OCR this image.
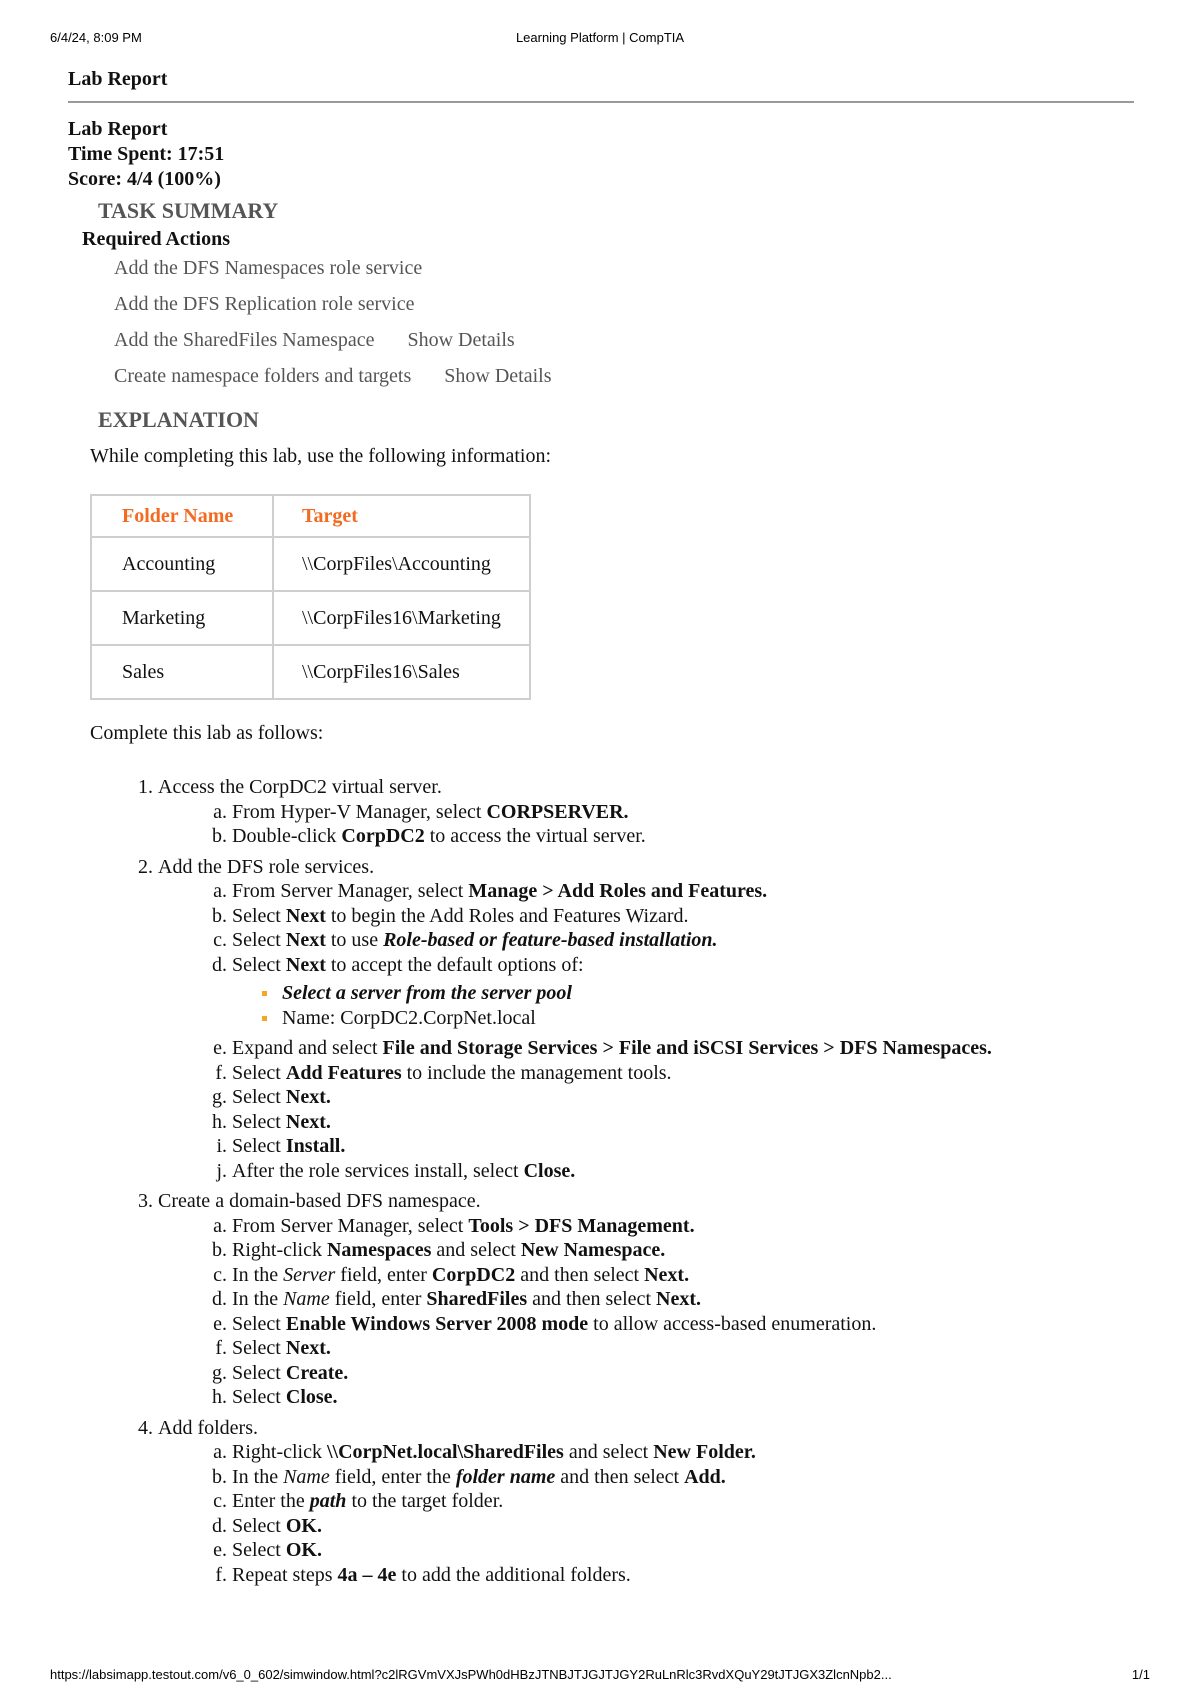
6/4/24, 8:09 PM	Learning Platform | CompTIA
Lab Report
Lab Report
Time Spent: 17:51
Score: 4/4 (100%)
TASK SUMMARY
Required Actions
Add the DFS Namespaces role service
Add the DFS Replication role service
Add the SharedFiles Namespace Show Details
Create namespace folders and targets Show Details
EXPLANATION
While completing this lab, use the following information:
Folder Name	Target
Accounting	\\CorpFiles\Accounting
Marketing	\\CorpFiles16\Marketing
Sales	\\CorpFiles16\Sales
Complete this lab as follows:
1. Access the CorpDC2 virtual server.
a. From Hyper-V Manager, select CORPSERVER.
b. Double-click CorpDC2 to access the virtual server.
2. Add the DFS role services.
a. From Server Manager, select Manage > Add Roles and Features.
b. Select Next to begin the Add Roles and Features Wizard.
c. Select Next to use Role-based or feature-based installation.
d. Select Next to accept the default options of:
Select a server from the server pool
Name: CorpDC2.CorpNet.local
e. Expand and select File and Storage Services > File and iSCSI Services > DFS Namespaces.
f. Select Add Features to include the management tools.
g. Select Next.
h. Select Next.
i. Select Install.
j. After the role services install, select Close.
3. Create a domain-based DFS namespace.
a. From Server Manager, select Tools > DFS Management.
b. Right-click Namespaces and select New Namespace.
c. In the Server field, enter CorpDC2 and then select Next.
d. In the Name field, enter SharedFiles and then select Next.
e. Select Enable Windows Server 2008 mode to allow access-based enumeration.
f. Select Next.
g. Select Create.
h. Select Close.
4. Add folders.
a. Right-click \\CorpNet.local\SharedFiles and select New Folder.
b. In the Name field, enter the folder name and then select Add.
c. Enter the path to the target folder.
d. Select OK.
e. Select OK.
f. Repeat steps 4a – 4e to add the additional folders.
https://labsimapp.testout.com/v6_0_602/simwindow.html?c2lRGVmVXJsPWh0dHBzJTNBJTJGJTJGY2RuLnRlc3RvdXQuY29tJTJGX3ZlcnNpb2...	1/1
